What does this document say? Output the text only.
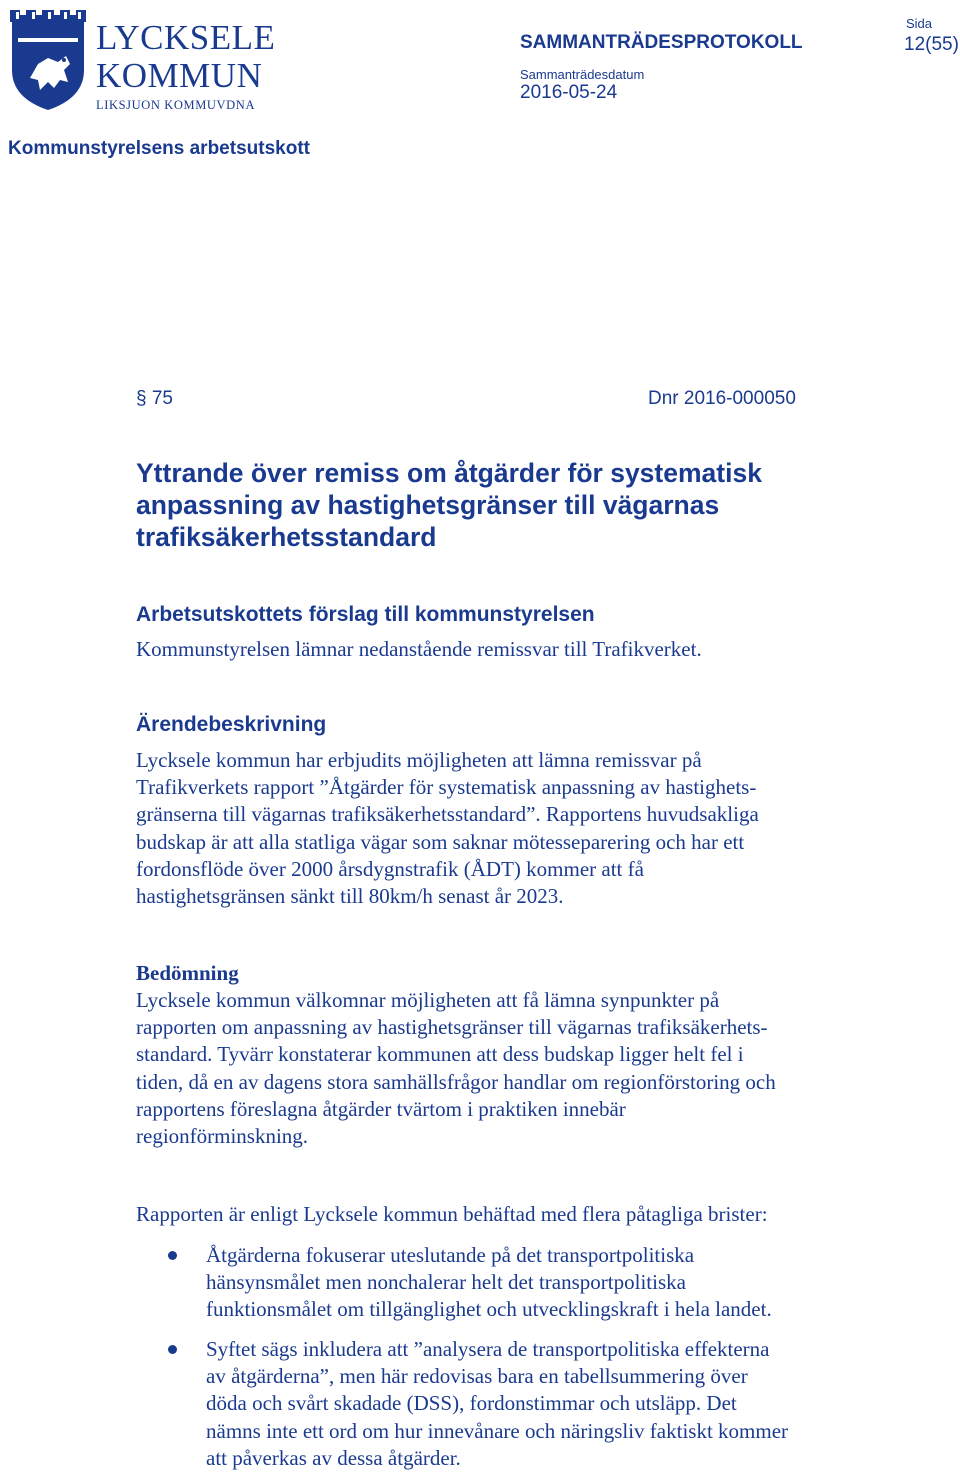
LYCKSELE
KOMMUN
LIKSJUON KOMMUVDNA
SAMMANTRÄDESPROTOKOLL
Sammanträdesdatum
2016-05-24
Sida
12(55)
Kommunstyrelsens arbetsutskott
§ 75	Dnr 2016-000050
Yttrande över remiss om åtgärder för systematisk
anpassning av hastighetsgränser till vägarnas
trafiksäkerhetsstandard
Arbetsutskottets förslag till kommunstyrelsen
Kommunstyrelsen lämnar nedanstående remissvar till Trafikverket.
Ärendebeskrivning
Lycksele kommun har erbjudits möjligheten att lämna remissvar på
Trafikverkets rapport ”Åtgärder för systematisk anpassning av hastighets-
gränserna till vägarnas trafiksäkerhetsstandard”. Rapportens huvudsakliga
budskap är att alla statliga vägar som saknar mötesseparering och har ett
fordonsflöde över 2000 årsdygnstrafik (ÅDT) kommer att få
hastighetsgränsen sänkt till 80km/h senast år 2023.
Bedömning
Lycksele kommun välkomnar möjligheten att få lämna synpunkter på
rapporten om anpassning av hastighetsgränser till vägarnas trafiksäkerhets-
standard. Tyvärr konstaterar kommunen att dess budskap ligger helt fel i
tiden, då en av dagens stora samhällsfrågor handlar om regionförstoring och
rapportens föreslagna åtgärder tvärtom i praktiken innebär
regionförminskning.
Rapporten är enligt Lycksele kommun behäftad med flera påtagliga brister:
Åtgärderna fokuserar uteslutande på det transportpolitiska
hänsynsmålet men nonchalerar helt det transportpolitiska
funktionsmålet om tillgänglighet och utvecklingskraft i hela landet.
Syftet sägs inkludera att ”analysera de transportpolitiska effekterna
av åtgärderna”, men här redovisas bara en tabellsummering över
döda och svårt skadade (DSS), fordonstimmar och utsläpp. Det
nämns inte ett ord om hur innevånare och näringsliv faktiskt kommer
att påverkas av dessa åtgärder.
